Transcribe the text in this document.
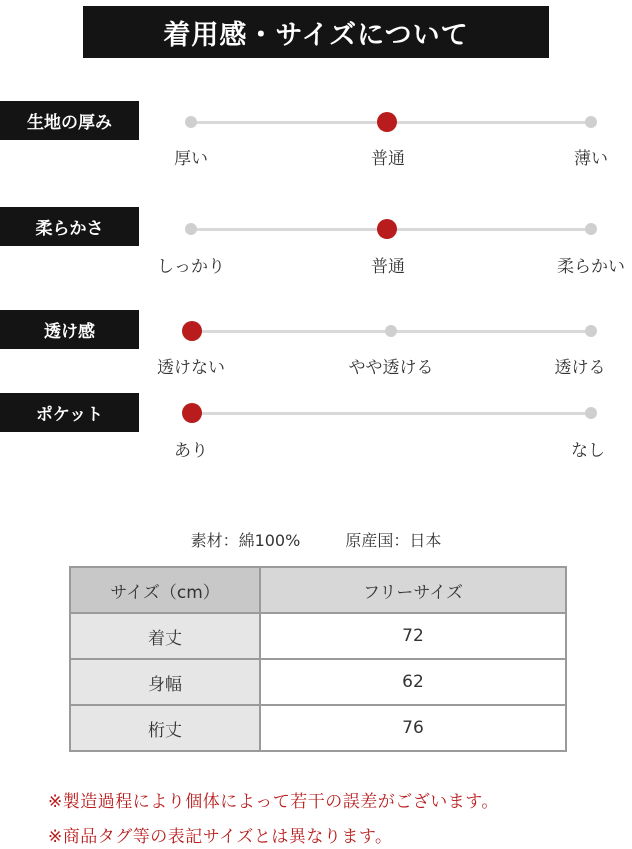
着用感・サイズについて
生地の厚み
厚い	普通	薄い
柔らかさ
しっかり	普通	柔らかい
透け感
透けない	やや透ける	透ける
ポケット
あり	なし
素材：綿100%	原産国：日本
サイズ（cm）	フリーサイズ
着丈	72
身幅	62
桁丈	76
※製造過程により個体によって若干の誤差がございます。
※商品タグ等の表記サイズとは異なります。
